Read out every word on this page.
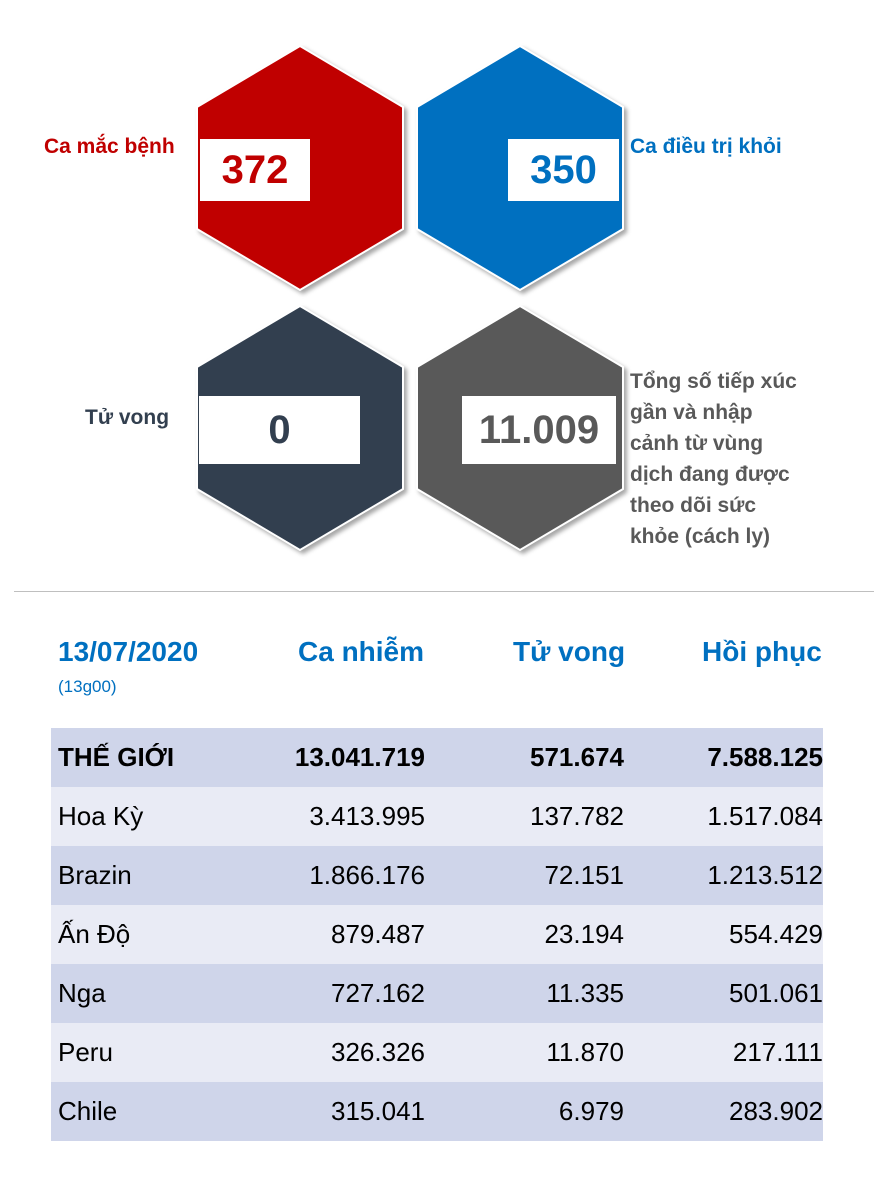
372
Ca mắc bệnh
350
Ca điều trị khỏi
0
Tử vong	11.009
Tổng số tiếp xúc
gần và nhập
cảnh từ vùng
dịch đang được
theo dõi sức
khỏe (cách ly)
13/07/2020
(13g00)
Ca nhiễm	Tử vong	Hồi phục
THẾ GIỚI	13.041.719	571.674	7.588.125
Hoa Kỳ	3.413.995	137.782	1.517.084
Brazin	1.866.176	72.151	1.213.512
Ấn Độ	879.487	23.194	554.429
Nga	727.162	11.335	501.061
Peru	326.326	11.870	217.111
Chile	315.041	6.979	283.902
